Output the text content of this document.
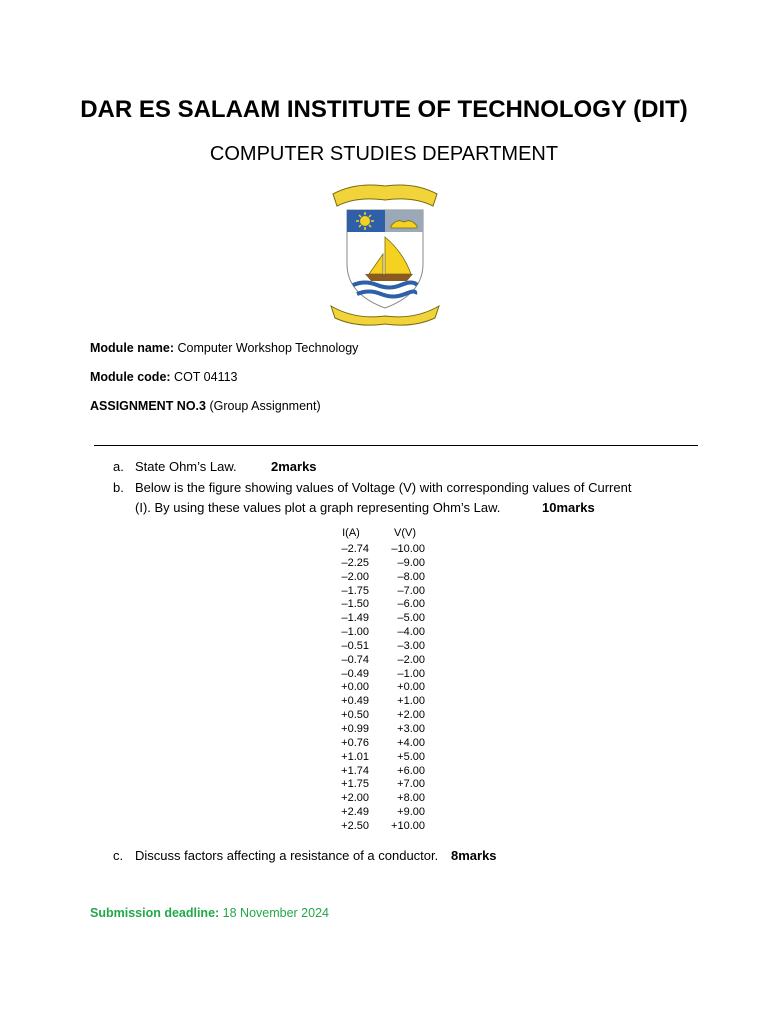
DAR ES SALAAM INSTITUTE OF TECHNOLOGY (DIT)
COMPUTER STUDIES DEPARTMENT
Module name: Computer Workshop Technology
Module code: COT 04113
ASSIGNMENT NO.3 (Group Assignment)
a. State Ohm’s Law.	2marks
b. Below is the figure showing values of Voltage (V) with corresponding values of Current
(I). By using these values plot a graph representing Ohm’s Law.	10marks
I(A)	V(V)
–2.74	–10.00
–2.25	–9.00
–2.00	–8.00
–1.75	–7.00
–1.50	–6.00
–1.49	–5.00
–1.00	–4.00
–0.51	–3.00
–0.74	–2.00
–0.49	–1.00
+0.00	+0.00
+0.49	+1.00
+0.50	+2.00
+0.99	+3.00
+0.76	+4.00
+1.01	+5.00
+1.74	+6.00
+1.75	+7.00
+2.00	+8.00
+2.49	+9.00
+2.50	+10.00
c. Discuss factors affecting a resistance of a conductor. 8marks
Submission deadline: 18 November 2024
